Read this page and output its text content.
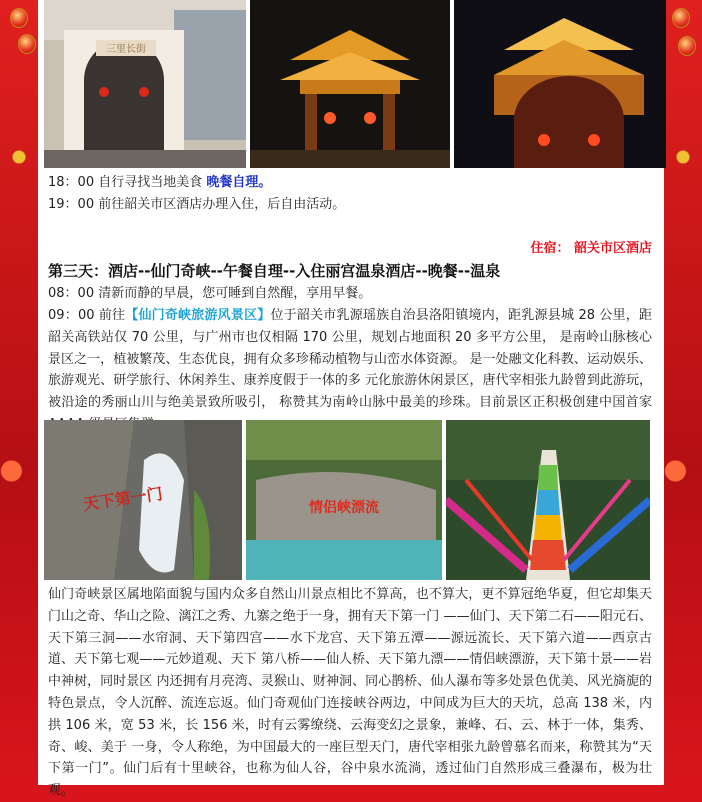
三里长街
18：00 自行寻找当地美食 晚餐自理。
19：00 前往韶关市区酒店办理入住，后自由活动。
住宿： 韶关市区酒店
第三天：酒店--仙门奇峡--午餐自理--入住丽宫温泉酒店--晚餐--温泉
08：00 清新而静的早晨，您可睡到自然醒，享用早餐。
09：00 前往【仙门奇峡旅游风景区】位于韶关市乳源瑶族自治县洛阳镇境内，距乳源县城 28 公里，距韶关高铁站仅 70 公里，与广州市也仅相隔 170 公里，规划占地面积 20 多平方公里， 是南岭山脉核心景区之一，植被繁茂、生态优良，拥有众多珍稀动植物与山峦水体资源。 是一处融文化科教、运动娱乐、旅游观光、研学旅行、休闲养生、康养度假于一体的多 元化旅游休闲景区，唐代宰相张九龄曾到此游玩，被沿途的秀丽山川与绝美景致所吸引， 称赞其为南岭山脉中最美的珍珠。目前景区正积极创建中国首家
天下第一门	情侣峡漂流
仙门奇峡景区属地陷面貌与国内众多自然山川景点相比不算高，也不算大，更不算冠绝华夏，但它却集天门山之奇、华山之险、漓江之秀、九寨之绝于一身，拥有天下第一门 ——仙门、天下第二石——阳元石、天下第三洞——水帘洞、天下第四宫——水下龙宫、天下第五潭——源远流长、天下第六道——西京古道、天下第七观——元妙道观、天下 第八桥——仙人桥、天下第九漂——情侣峡漂游，天下第十景——岩中神树，同时景区 内还拥有月亮湾、灵猴山、财神洞、同心鹊桥、仙人瀑布等多处景色优美、风光旖旎的特色景点，令人沉醉、流连忘返。仙门奇观仙门连接峡谷两边，中间成为巨大的天坑，总高 138 米，内拱 106 米，宽 53 米，长 156 米，时有云雾缭绕、云海变幻之景象，兼峰、石、云、林于一体，集秀、奇、峻、美于 一身，令人称绝，为中国最大的一座巨型天门，唐代宰相张九龄曾慕名而来，称赞其为“天下第一门”。仙门后有十里峡谷，也称为仙人谷，谷中泉水流淌，透过仙门自然形成三叠瀑布，极为壮观。
